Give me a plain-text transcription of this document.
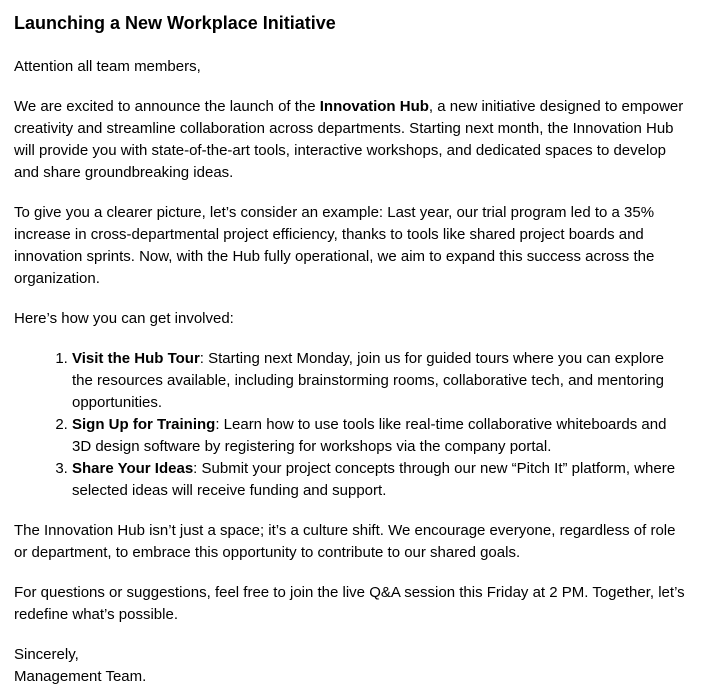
Launching a New Workplace Initiative

Attention all team members,

We are excited to announce the launch of the Innovation Hub, a new initiative designed to empower creativity and streamline collaboration across departments. Starting next month, the Innovation Hub will provide you with state-of-the-art tools, interactive workshops, and dedicated spaces to develop and share groundbreaking ideas.

To give you a clearer picture, let’s consider an example: Last year, our trial program led to a 35% increase in cross-departmental project efficiency, thanks to tools like shared project boards and innovation sprints. Now, with the Hub fully operational, we aim to expand this success across the organization.

Here’s how you can get involved:

1. Visit the Hub Tour: Starting next Monday, join us for guided tours where you can explore the resources available, including brainstorming rooms, collaborative tech, and mentoring opportunities.
2. Sign Up for Training: Learn how to use tools like real-time collaborative whiteboards and 3D design software by registering for workshops via the company portal.
3. Share Your Ideas: Submit your project concepts through our new “Pitch It” platform, where selected ideas will receive funding and support.

The Innovation Hub isn’t just a space; it’s a culture shift. We encourage everyone, regardless of role or department, to embrace this opportunity to contribute to our shared goals.

For questions or suggestions, feel free to join the live Q&A session this Friday at 2 PM. Together, let’s redefine what’s possible.

Sincerely,
Management Team.
